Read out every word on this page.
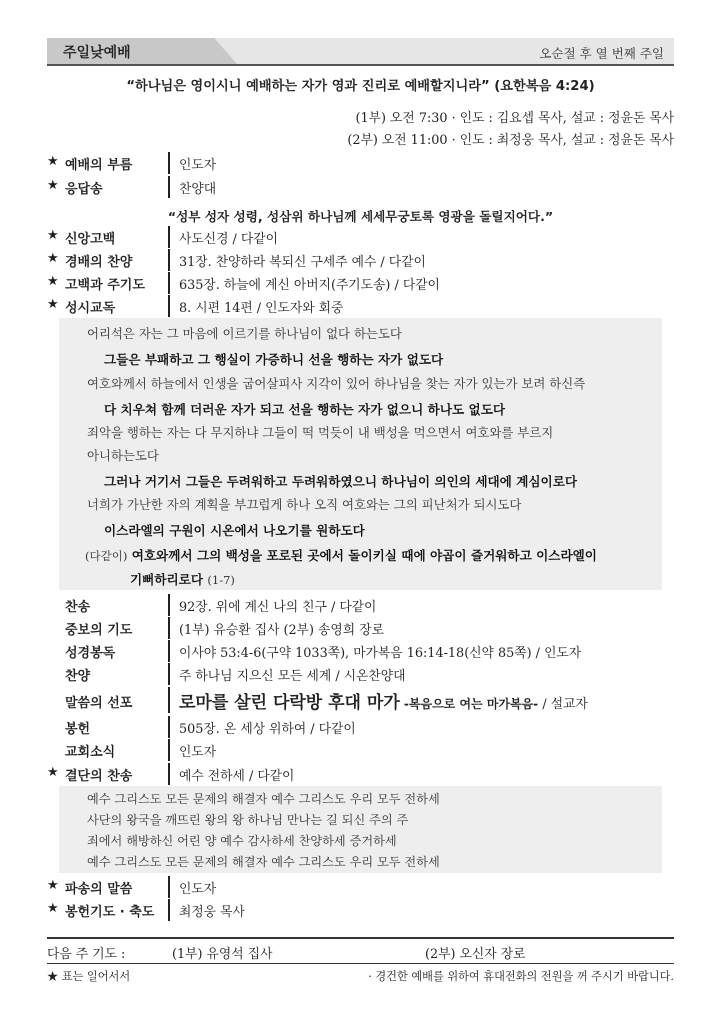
주일낮예배	오순절 후 열 번째 주일
“하나님은 영이시니 예배하는 자가 영과 진리로 예배할지니라” (요한복음 4:24)
(1부) 오전 7:30 · 인도 : 김요셉 목사, 설교 : 정윤돈 목사
(2부) 오전 11:00 · 인도 : 최정웅 목사, 설교 : 정윤돈 목사
★ 예배의 부름	인도자
★ 응답송	찬양대
“성부 성자 성령, 성삼위 하나님께 세세무궁토록 영광을 돌릴지어다.”
★ 신앙고백	사도신경 / 다같이
★ 경배의 찬양	31장. 찬양하라 복되신 구세주 예수 / 다같이
★ 고백과 주기도	635장. 하늘에 계신 아버지(주기도송) / 다같이
★ 성시교독	8. 시편 14편 / 인도자와 회중
어리석은 자는 그 마음에 이르기를 하나님이 없다 하는도다
그들은 부패하고 그 행실이 가증하니 선을 행하는 자가 없도다
여호와께서 하늘에서 인생을 굽어살피사 지각이 있어 하나님을 찾는 자가 있는가 보려 하신즉
다 치우쳐 함께 더러운 자가 되고 선을 행하는 자가 없으니 하나도 없도다
죄악을 행하는 자는 다 무지하냐 그들이 떡 먹듯이 내 백성을 먹으면서 여호와를 부르지
아니하는도다
그러나 거기서 그들은 두려워하고 두려워하였으니 하나님이 의인의 세대에 계심이로다
너희가 가난한 자의 계획을 부끄럽게 하나 오직 여호와는 그의 피난처가 되시도다
이스라엘의 구원이 시온에서 나오기를 원하도다
(다같이) 여호와께서 그의 백성을 포로된 곳에서 돌이키실 때에 야곱이 즐거워하고 이스라엘이
기뻐하리로다 (1-7)
찬송	92장. 위에 계신 나의 친구 / 다같이
중보의 기도	(1부) 유승환 집사 (2부) 송영희 장로
성경봉독	이사야 53:4-6(구약 1033쪽), 마가복음 16:14-18(신약 85쪽) / 인도자
찬양	주 하나님 지으신 모든 세계 / 시온찬양대
말씀의 선포	로마를 살린 다락방 후대 마가 -복음으로 여는 마가복음- / 설교자
봉헌	505장. 온 세상 위하여 / 다같이
교회소식	인도자
★ 결단의 찬송	예수 전하세 / 다같이
예수 그리스도 모든 문제의 해결자 예수 그리스도 우리 모두 전하세
사단의 왕국을 깨뜨린 왕의 왕 하나님 만나는 길 되신 주의 주
죄에서 해방하신 어린 양 예수 감사하세 찬양하세 증거하세
예수 그리스도 모든 문제의 해결자 예수 그리스도 우리 모두 전하세
★ 파송의 말씀	인도자
★ 봉헌기도 · 축도 최정웅 목사
다음 주 기도 :	(1부) 유영석 집사	(2부) 오신자 장로
★ 표는 일어서서	· 경건한 예배를 위하여 휴대전화의 전원을 꺼 주시기 바랍니다.
